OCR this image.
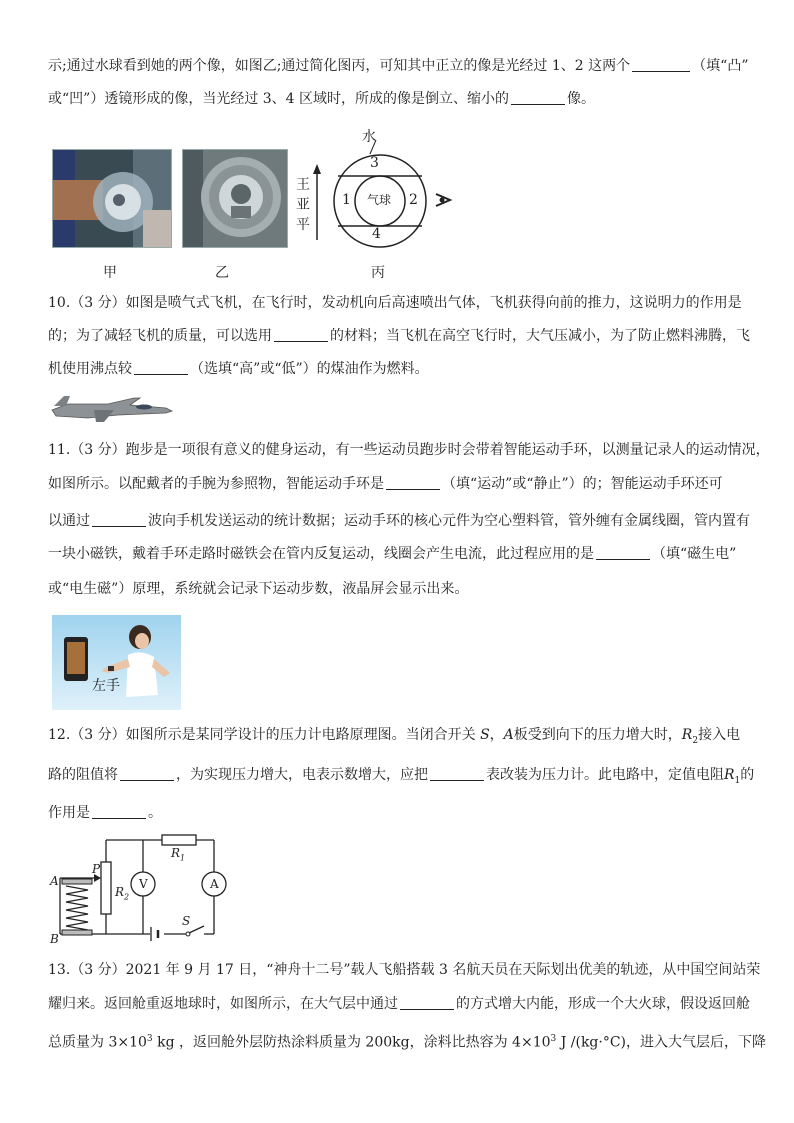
示;通过水球看到她的两个像，如图乙;通过简化图丙，可知其中正立的像是光经过 1、2 这两个	（填“凸”
或“凹”）透镜形成的像，当光经过 3、4 区域时，所成的像是倒立、缩小的	像。
水
3
1	2
气球
4
王
亚
平
甲	乙	丙
10.（3 分）如图是喷气式飞机，在飞行时，发动机向后高速喷出气体，飞机获得向前的推力，这说明力的作用是
的；为了减轻飞机的质量，可以选用	的材料；当飞机在高空飞行时，大气压减小，为了防止燃料沸腾，飞
机使用沸点较	（选填“高”或“低”）的煤油作为燃料。
11.（3 分）跑步是一项很有意义的健身运动，有一些运动员跑步时会带着智能运动手环，以测量记录人的运动情况，
如图所示。以配戴者的手腕为参照物，智能运动手环是	（填“运动”或“静止”）的；智能运动手环还可
以通过	波向手机发送运动的统计数据；运动手环的核心元件为空心塑料管，管外缠有金属线圈，管内置有
一块小磁铁，戴着手环走路时磁铁会在管内反复运动，线圈会产生电流，此过程应用的是	（填“磁生电”
或“电生磁”）原理，系统就会记录下运动步数，液晶屏会显示出来。
左手
12.（3 分）如图所示是某同学设计的压力计电路原理图。当闭合开关 S，A板受到向下的压力增大时，$R_2$接入电
路的阻值将	，为实现压力增大，电表示数增大，应把	表改装为压力计。此电路中，定值电阻$R_1$的
作用是	。
A
B
P
$R_2$
$R_1$
V	A
S
13.（3 分）2021 年 9 月 17 日，“神舟十二号”载人飞船搭载 3 名航天员在天际划出优美的轨迹，从中国空间站荣
耀归来。返回舱重返地球时，如图所示，在大气层中通过	的方式增大内能，形成一个大火球，假设返回舱
总质量为 $3\times 10^3$ kg ，返回舱外层防热涂料质量为 200kg，涂料比热容为 $4\times 10^3$ J /(kg·°C)，进入大气层后，下降
